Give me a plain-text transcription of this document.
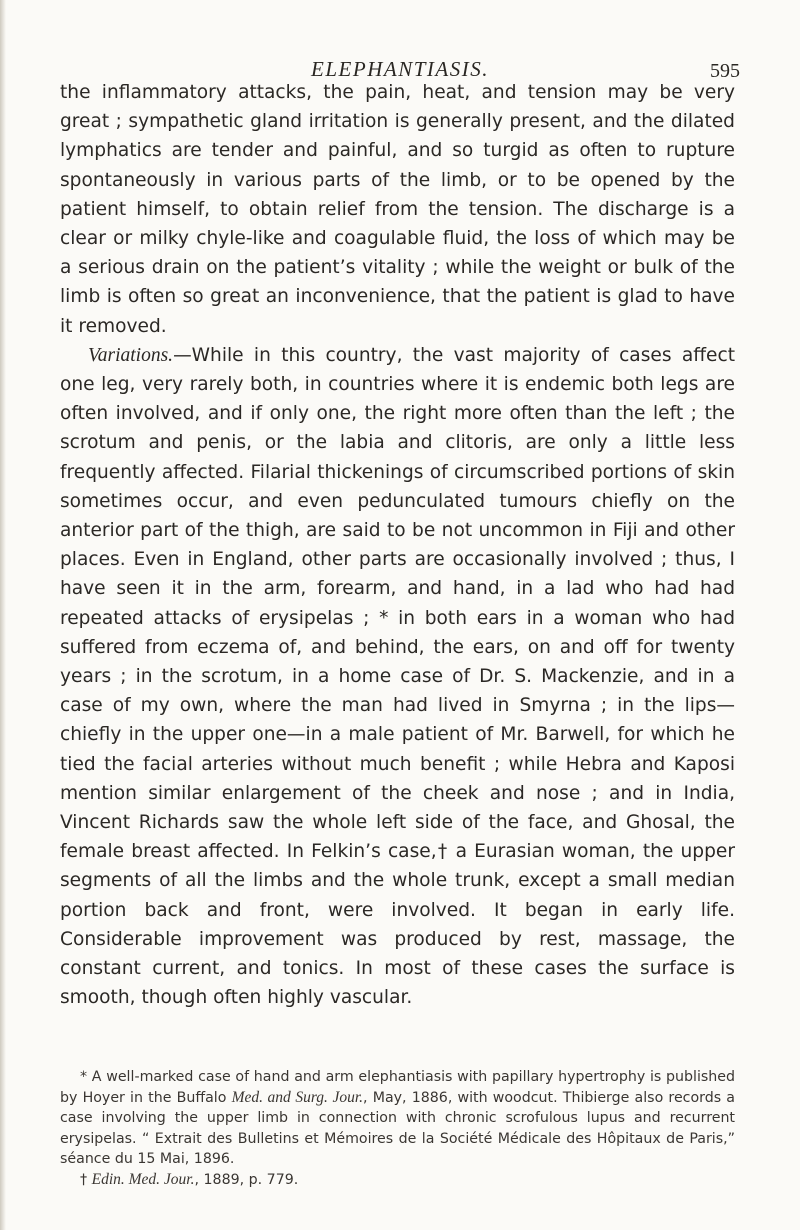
ELEPHANTIASIS.	595

the inflammatory attacks, the pain, heat, and tension may be very great ; sympathetic gland irritation is generally present, and the dilated lymphatics are tender and painful, and so turgid as often to rupture spontaneously in various parts of the limb, or to be opened by the patient himself, to obtain relief from the tension. The discharge is a clear or milky chyle-like and coagulable fluid, the loss of which may be a serious drain on the patient’s vitality ; while the weight or bulk of the limb is often so great an inconvenience, that the patient is glad to have it removed.

Variations.—While in this country, the vast majority of cases affect one leg, very rarely both, in countries where it is endemic both legs are often involved, and if only one, the right more often than the left ; the scrotum and penis, or the labia and clitoris, are only a little less frequently affected. Filarial thickenings of circumscribed portions of skin sometimes occur, and even pedunculated tumours chiefly on the anterior part of the thigh, are said to be not uncommon in Fiji and other places. Even in England, other parts are occasionally involved ; thus, I have seen it in the arm, forearm, and hand, in a lad who had had repeated attacks of erysipelas ; * in both ears in a woman who had suffered from eczema of, and behind, the ears, on and off for twenty years ; in the scrotum, in a home case of Dr. S. Mackenzie, and in a case of my own, where the man had lived in Smyrna ; in the lips—chiefly in the upper one—in a male patient of Mr. Barwell, for which he tied the facial arteries without much benefit ; while Hebra and Kaposi mention similar enlargement of the cheek and nose ; and in India, Vincent Richards saw the whole left side of the face, and Ghosal, the female breast affected. In Felkin’s case,† a Eurasian woman, the upper segments of all the limbs and the whole trunk, except a small median portion back and front, were involved. It began in early life. Considerable improvement was produced by rest, massage, the constant current, and tonics. In most of these cases the surface is smooth, though often highly vascular.

* A well-marked case of hand and arm elephantiasis with papillary hypertrophy is published by Hoyer in the Buffalo Med. and Surg. Jour., May, 1886, with woodcut. Thibierge also records a case involving the upper limb in connection with chronic scrofulous lupus and recurrent erysipelas. “ Extrait des Bulletins et Mémoires de la Société Médicale des Hôpitaux de Paris,” séance du 15 Mai, 1896.

† Edin. Med. Jour., 1889, p. 779.
